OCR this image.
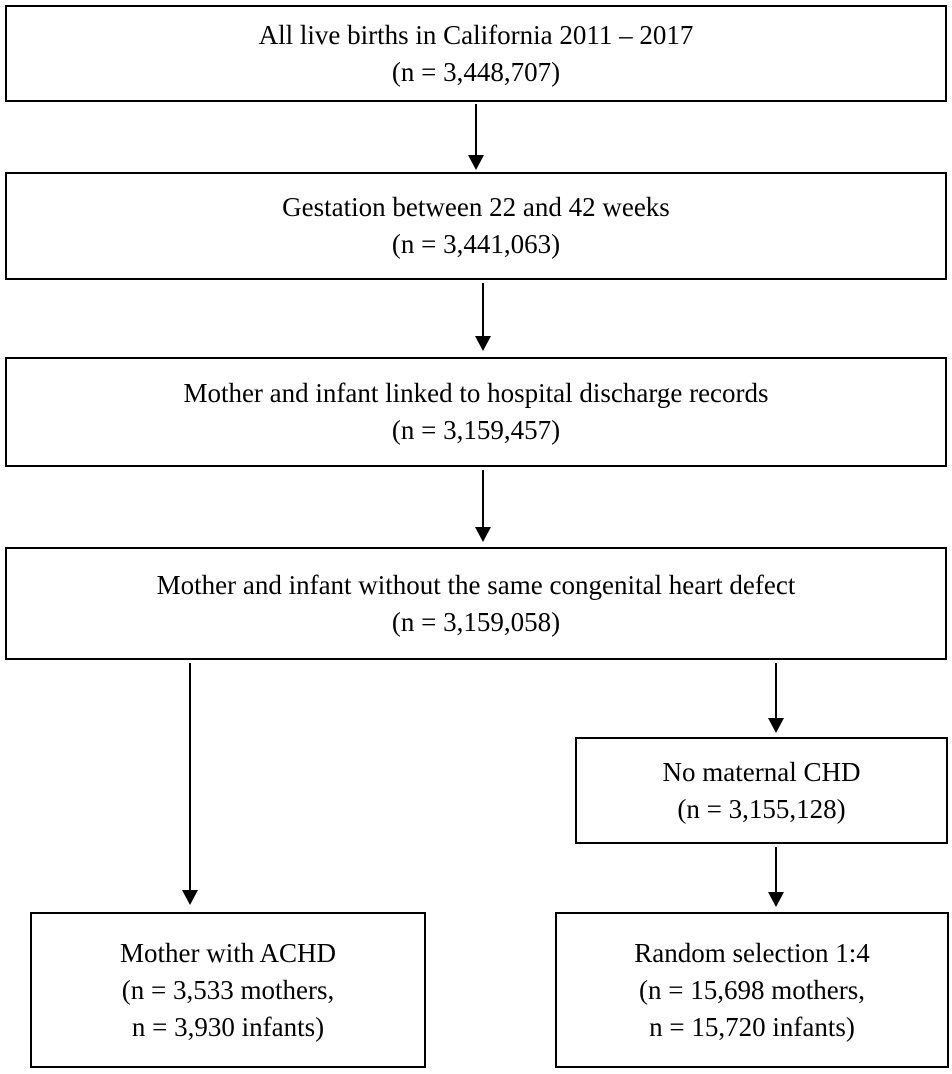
All live births in California 2011 – 2017
(n = 3,448,707)
Gestation between 22 and 42 weeks
(n = 3,441,063)
Mother and infant linked to hospital discharge records
(n = 3,159,457)
Mother and infant without the same congenital heart defect
(n = 3,159,058)
No maternal CHD
(n = 3,155,128)
Mother with ACHD
(n = 3,533 mothers,
n = 3,930 infants)
Random selection 1:4
(n = 15,698 mothers,
n = 15,720 infants)
